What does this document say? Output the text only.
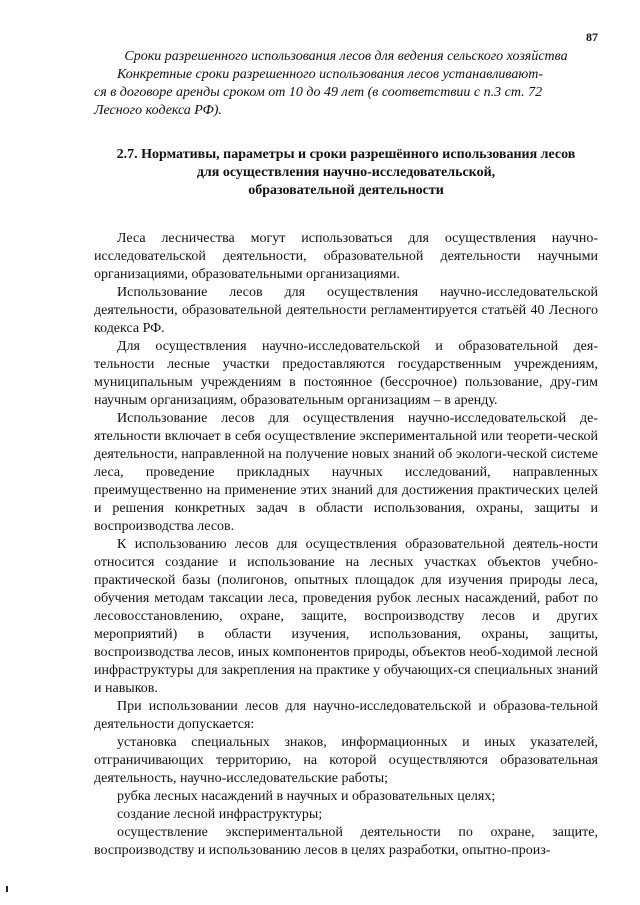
87

Сроки разрешенного использования лесов для ведения сельского хозяйства

Конкретные сроки разрешенного использования лесов устанавливают-

ся в договоре аренды сроком от 10 до 49 лет (в соответствии с п.3 ст. 72

Лесного кодекса РФ).

2.7. Нормативы, параметры и сроки разрешённого использования лесов
для осуществления научно-исследовательской,
образовательной деятельности

Леса лесничества могут использоваться для осуществления научно-исследовательской деятельности, образовательной деятельности научными организациями, образовательными организациями.

Использование лесов для осуществления научно-исследовательской деятельности, образовательной деятельности регламентируется статьёй 40 Лесного кодекса РФ.

Для осуществления научно-исследовательской и образовательной дея-тельности лесные участки предоставляются государственным учреждениям, муниципальным учреждениям в постоянное (бессрочное) пользование, дру-гим научным организациям, образовательным организациям – в аренду.

Использование лесов для осуществления научно-исследовательской де-ятельности включает в себя осуществление экспериментальной или теорети-ческой деятельности, направленной на получение новых знаний об экологи-ческой системе леса, проведение прикладных научных исследований, направленных преимущественно на применение этих знаний для достижения практических целей и решения конкретных задач в области использования, охраны, защиты и воспроизводства лесов.

К использованию лесов для осуществления образовательной деятель-ности относится создание и использование на лесных участках объектов учебно-практической базы (полигонов, опытных площадок для изучения природы леса, обучения методам таксации леса, проведения рубок лесных насаждений, работ по лесовосстановлению, охране, защите, воспроизводству лесов и других мероприятий) в области изучения, использования, охраны, защиты, воспроизводства лесов, иных компонентов природы, объектов необ-ходимой лесной инфраструктуры для закрепления на практике у обучающих-ся специальных знаний и навыков.

При использовании лесов для научно-исследовательской и образова-тельной деятельности допускается:

установка специальных знаков, информационных и иных указателей, отграничивающих территорию, на которой осуществляются образовательная деятельность, научно-исследовательские работы;

рубка лесных насаждений в научных и образовательных целях;

создание лесной инфраструктуры;

осуществление экспериментальной деятельности по охране, защите, воспроизводству и использованию лесов в целях разработки, опытно-произ-
